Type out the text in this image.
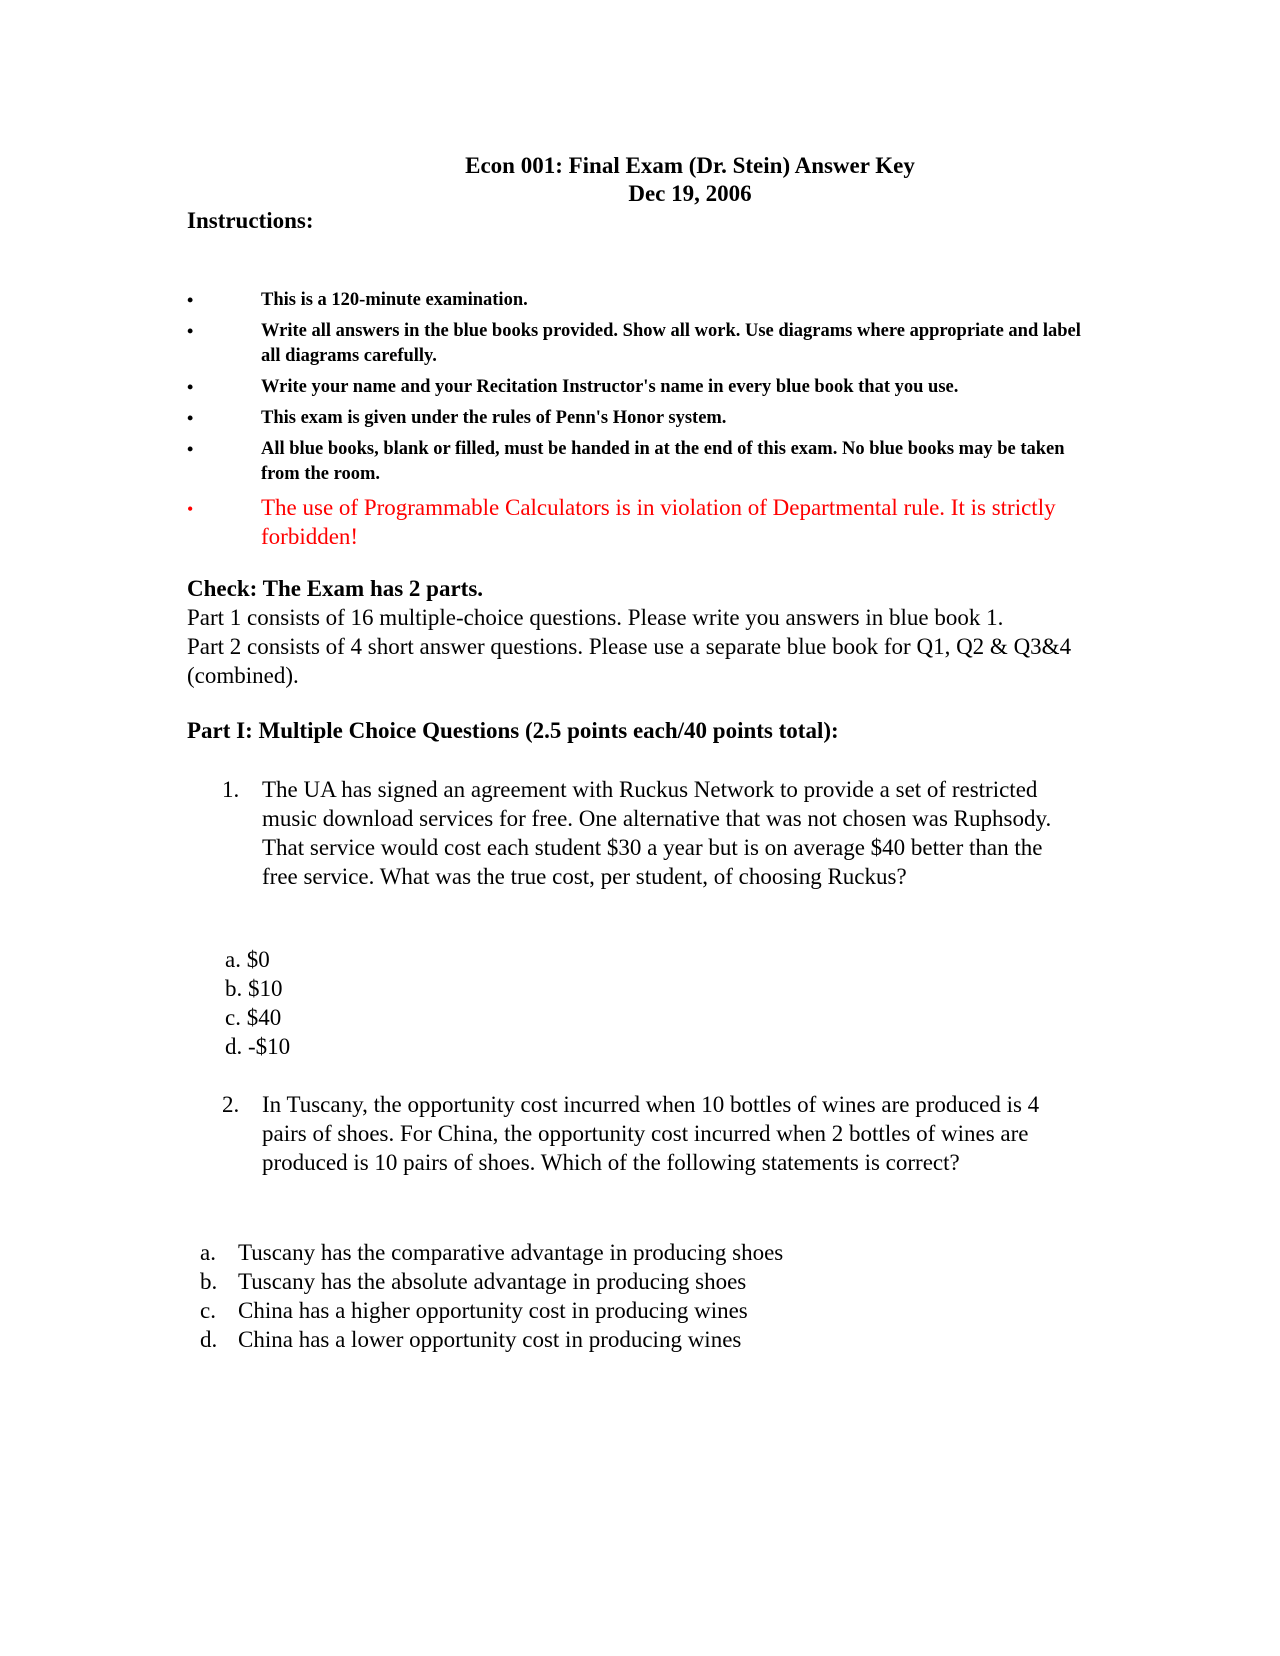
Econ 001: Final Exam (Dr. Stein) Answer Key
Dec 19, 2006
Instructions:
•	This is a 120-minute examination.
•	Write all answers in the blue books provided. Show all work. Use diagrams where appropriate and label all diagrams carefully.
•	Write your name and your Recitation Instructor's name in every blue book that you use.
•	This exam is given under the rules of Penn's Honor system.
•	All blue books, blank or filled, must be handed in at the end of this exam. No blue books may be taken from the room.
•	The use of Programmable Calculators is in violation of Departmental rule. It is strictly forbidden!
Check: The Exam has 2 parts.
Part 1 consists of 16 multiple-choice questions. Please write you answers in blue book 1.
Part 2 consists of 4 short answer questions. Please use a separate blue book for Q1, Q2 & Q3&4 (combined).
Part I: Multiple Choice Questions (2.5 points each/40 points total):
1. The UA has signed an agreement with Ruckus Network to provide a set of restricted music download services for free. One alternative that was not chosen was Ruphsody. That service would cost each student $30 a year but is on average $40 better than the free service. What was the true cost, per student, of choosing Ruckus?
a. $0
b. $10
c. $40
d. -$10
2. In Tuscany, the opportunity cost incurred when 10 bottles of wines are produced is 4 pairs of shoes. For China, the opportunity cost incurred when 2 bottles of wines are produced is 10 pairs of shoes. Which of the following statements is correct?
a. Tuscany has the comparative advantage in producing shoes
b. Tuscany has the absolute advantage in producing shoes
c. China has a higher opportunity cost in producing wines
d. China has a lower opportunity cost in producing wines
